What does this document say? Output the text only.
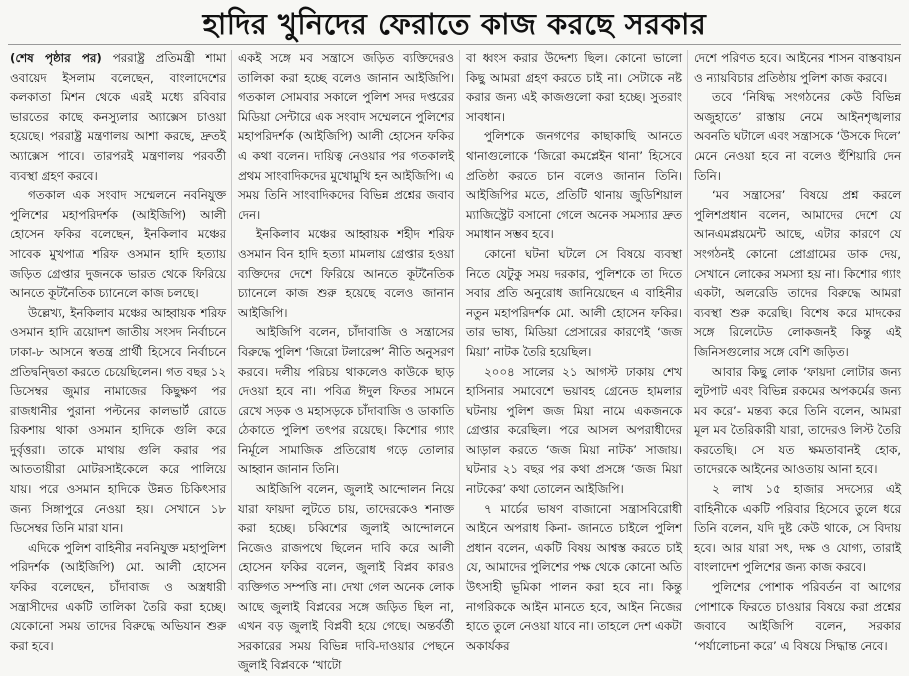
হাদির খুনিদের ফেরাতে কাজ করছে সরকার

(শেষ পৃষ্ঠার পর) পররাষ্ট্র প্রতিমন্ত্রী শামা ওবায়েদ ইসলাম বলেছেন, বাংলাদেশের কলকাতা মিশন থেকে এরই মধ্যে রবিবার ভারতের কাছে কনস্যুলার অ্যাক্সেস চাওয়া হয়েছে। পররাষ্ট্র মন্ত্রণালয় আশা করছে, দ্রুতই অ্যাক্সেস পাবে। তারপরই মন্ত্রণালয় পরবর্তী ব্যবস্থা গ্রহণ করবে।

গতকাল এক সংবাদ সম্মেলনে নবনিযুক্ত পুলিশের মহাপরিদর্শক (আইজিপি) আলী হোসেন ফকির বলেছেন, ইনকিলাব মঞ্চের সাবেক মুখপাত্র শরিফ ওসমান হাদি হত্যায় জড়িত গ্রেপ্তার দুজনকে ভারত থেকে ফিরিয়ে আনতে কূটনৈতিক চ্যানেলে কাজ চলছে।

উল্লেখ্য, ইনকিলাব মঞ্চের আহ্বায়ক শরিফ ওসমান হাদি ত্রয়োদশ জাতীয় সংসদ নির্বাচনে ঢাকা-৮ আসনে স্বতন্ত্র প্রার্থী হিসেবে নির্বাচনে প্রতিদ্বন্দ্বিতা করতে চেয়েছিলেন। গত বছর ১২ ডিসেম্বর জুমার নামাজের কিছুক্ষণ পর রাজধানীর পুরানা পল্টনের কালভার্ট রোডে রিকশায় থাকা ওসমান হাদিকে গুলি করে দুর্বৃত্তরা। তাকে মাথায় গুলি করার পর আততায়ীরা মোটরসাইকেলে করে পালিয়ে যায়। পরে ওসমান হাদিকে উন্নত চিকিৎসার জন্য সিঙ্গাপুরে নেওয়া হয়। সেখানে ১৮ ডিসেম্বর তিনি মারা যান।

এদিকে পুলিশ বাহিনীর নবনিযুক্ত মহাপুলিশ পরিদর্শক (আইজিপি) মো. আলী হোসেন ফকির বলেছেন, চাঁদাবাজ ও অস্ত্রধারী সন্ত্রাসীদের একটি তালিকা তৈরি করা হচ্ছে। যেকোনো সময় তাদের বিরুদ্ধে অভিযান শুরু করা হবে।

একই সঙ্গে মব সন্ত্রাসে জড়িত ব্যক্তিদেরও তালিকা করা হচ্ছে বলেও জানান আইজিপি। গতকাল সোমবার সকালে পুলিশ সদর দপ্তরের মিডিয়া সেন্টারে এক সংবাদ সম্মেলনে পুলিশের মহাপরিদর্শক (আইজিপি) আলী হোসেন ফকির এ কথা বলেন। দায়িত্ব নেওয়ার পর গতকালই প্রথম সাংবাদিকদের মুখোমুখি হন আইজিপি। এ সময় তিনি সাংবাদিকদের বিভিন্ন প্রশ্নের জবাব দেন।

ইনকিলাব মঞ্চের আহ্বায়ক শহীদ শরিফ ওসমান বিন হাদি হত্যা মামলায় গ্রেপ্তার হওয়া ব্যক্তিদের দেশে ফিরিয়ে আনতে কূটনৈতিক চ্যানেলে কাজ শুরু হয়েছে বলেও জানান আইজিপি।

আইজিপি বলেন, চাঁদাবাজি ও সন্ত্রাসের বিরুদ্ধে পুলিশ ‘জিরো টলারেন্স’ নীতি অনুসরণ করবে। দলীয় পরিচয় থাকলেও কাউকে ছাড় দেওয়া হবে না। পবিত্র ঈদুল ফিতর সামনে রেখে সড়ক ও মহাসড়কে চাঁদাবাজি ও ডাকাতি ঠেকাতে পুলিশ তৎপর রয়েছে। কিশোর গ্যাং নির্মূলে সামাজিক প্রতিরোধ গড়ে তোলার আহ্বান জানান তিনি।

আইজিপি বলেন, জুলাই আন্দোলন নিয়ে যারা ফায়দা লুটতে চায়, তাদেরকেও শনাক্ত করা হচ্ছে। চব্বিশের জুলাই আন্দোলনে নিজেও রাজপথে ছিলেন দাবি করে আলী হোসেন ফকির বলেন, জুলাই বিপ্লব কারও ব্যক্তিগত সম্পত্তি না। দেখা গেল অনেক লোক আছে জুলাই বিপ্লবের সঙ্গে জড়িত ছিল না, এখন বড় জুলাই বিপ্লবী হয়ে গেছে। অন্তর্বর্তী সরকারের সময় বিভিন্ন দাবি-দাওয়ার পেছনে জুলাই বিপ্লবকে ‘খাটো

বা ধ্বংস করার উদ্দেশ্য ছিল। কোনো ভালো কিছু আমরা গ্রহণ করতে চাই না। সেটাকে নষ্ট করার জন্য এই কাজগুলো করা হচ্ছে। সুতরাং সাবধান।

পুলিশকে জনগণের কাছাকাছি আনতে থানাগুলোকে ‘জিরো কমপ্লেইন থানা’ হিসেবে প্রতিষ্ঠা করতে চান বলেও জানান তিনি। আইজিপির মতে, প্রতিটি থানায় জুডিশিয়াল ম্যাজিস্ট্রেট বসানো গেলে অনেক সমস্যার দ্রুত সমাধান সম্ভব হবে।

কোনো ঘটনা ঘটলে সে বিষয়ে ব্যবস্থা নিতে যেটুকু সময় দরকার, পুলিশকে তা দিতে সবার প্রতি অনুরোধ জানিয়েছেন এ বাহিনীর নতুন মহাপরিদর্শক মো. আলী হোসেন ফকির। তার ভাষ্য, মিডিয়া প্রেসারের কারণেই ‘জজ মিয়া’ নাটক তৈরি হয়েছিল।

২০০৪ সালের ২১ আগস্ট ঢাকায় শেখ হাসিনার সমাবেশে ভয়াবহ গ্রেনেড হামলার ঘটনায় পুলিশ জজ মিয়া নামে একজনকে গ্রেপ্তার করেছিল। পরে আসল অপরাধীদের আড়াল করতে ‘জজ মিয়া নাটক’ সাজায়। ঘটনার ২১ বছর পর কথা প্রসঙ্গে ‘জজ মিয়া নাটকের’ কথা তোলেন আইজিপি।

৭ মার্চের ভাষণ বাজানো সন্ত্রাসবিরোধী আইনে অপরাধ কিনা- জানতে চাইলে পুলিশ প্রধান বলেন, একটি বিষয় আশ্বস্ত করতে চাই যে, আমাদের পুলিশের পক্ষ থেকে কোনো অতি উৎসাহী ভূমিকা পালন করা হবে না। কিন্তু নাগরিককে আইন মানতে হবে, আইন নিজের হাতে তুলে নেওয়া যাবে না। তাহলে দেশ একটা অকার্যকর

দেশে পরিণত হবে। আইনের শাসন বাস্তবায়ন ও ন্যায়বিচার প্রতিষ্ঠায় পুলিশ কাজ করবে।

তবে ‘নিষিদ্ধ সংগঠনের কেউ বিভিন্ন অজুহাতে’ রাস্তায় নেমে আইনশৃঙ্খলার অবনতি ঘটালে এবং সন্ত্রাসকে ‘উসকে দিলে’ মেনে নেওয়া হবে না বলেও হুঁশিয়ারি দেন তিনি।

‘মব সন্ত্রাসের’ বিষয়ে প্রশ্ন করলে পুলিশপ্রধান বলেন, আমাদের দেশে যে আনএমপ্লয়মেন্ট আছে, এটার কারণে যে সংগঠনই কোনো প্রোগ্রামের ডাক দেয়, সেখানে লোকের সমস্যা হয় না। কিশোর গ্যাং একটা, অলরেডি তাদের বিরুদ্ধে আমরা ব্যবস্থা শুরু করেছি। বিশেষ করে মাদকের সঙ্গে রিলেটেড লোকজনই কিন্তু এই জিনিসগুলোর সঙ্গে বেশি জড়িত।

আবার কিছু লোক ‘ফায়দা লোটার জন্য লুটপাট এবং বিভিন্ন রকমের অপকর্মের জন্য মব করে’- মন্তব্য করে তিনি বলেন, আমরা মূল মব তৈরিকারী যারা, তাদেরও লিস্ট তৈরি করতেছি। সে যত ক্ষমতাবানই হোক, তাদেরকে আইনের আওতায় আনা হবে।

২ লাখ ১৫ হাজার সদস্যের এই বাহিনীকে একটি পরিবার হিসেবে তুলে ধরে তিনি বলেন, যদি দুষ্ট কেউ থাকে, সে বিদায় হবে। আর যারা সৎ, দক্ষ ও যোগ্য, তারাই বাংলাদেশ পুলিশের জন্য কাজ করবে।

পুলিশের পোশাক পরিবর্তন বা আগের পোশাকে ফিরতে চাওয়ার বিষয়ে করা প্রশ্নের জবাবে আইজিপি বলেন, সরকার ‘পর্যালোচনা করে’ এ বিষয়ে সিদ্ধান্ত নেবে।
